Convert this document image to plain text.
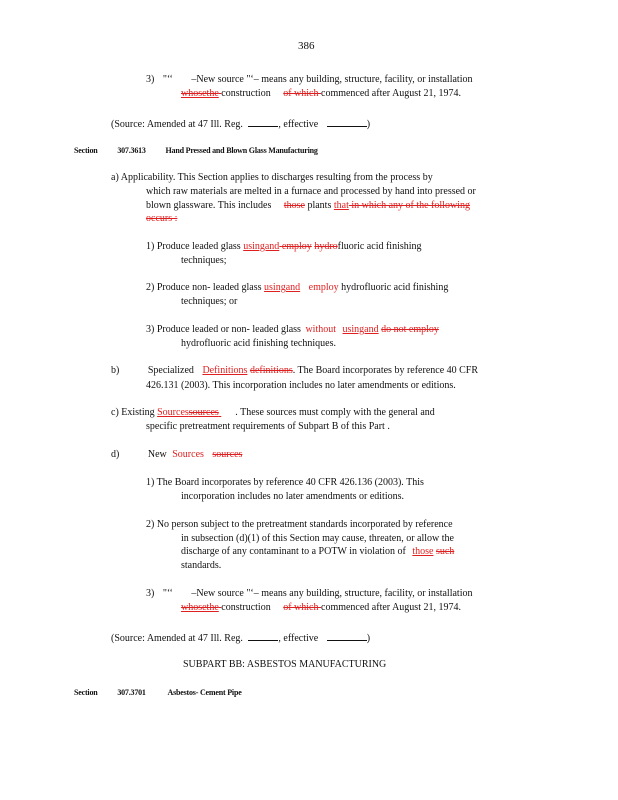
386
3) "‘‘ –New source "‘– means any building, structure, facility, or installation
whosethe construction of which commenced after August 21, 1974.
(Source: Amended at 47 Ill. Reg.	, effective	)
Section 307.3613 Hand Pressed and Blown Glass Manufacturing
a) Applicability. This Section applies to discharges resulting from the process by
which raw materials are melted in a furnace and processed by hand into pressed or
blown glassware. This includes those plants that in which any of the following
occurs :
1) Produce leaded glass usingand employ hydrofluoric acid finishing
techniques;
2) Produce non- leaded glass usingand employ hydrofluoric acid finishing
techniques; or
3) Produce leaded or non- leaded glass without usingand do not employ
hydrofluoric acid finishing techniques.
b)	Specialized Definitions definitions. The Board incorporates by reference 40 CFR
426.131 (2003). This incorporation includes no later amendments or editions.
c) Existing Sourcessources . These sources must comply with the general and
specific pretreatment requirements of Subpart B of this Part .
d)	New Sources sources
1) The Board incorporates by reference 40 CFR 426.136 (2003). This
incorporation includes no later amendments or editions.
2) No person subject to the pretreatment standards incorporated by reference
in subsection (d)(1) of this Section may cause, threaten, or allow the
discharge of any contaminant to a POTW in violation of those such
standards.
3) "‘‘ –New source "‘– means any building, structure, facility, or installation
whosethe construction of which commenced after August 21, 1974.
(Source: Amended at 47 Ill. Reg.	, effective	)
SUBPART BB: ASBESTOS MANUFACTURING
Section 307.3701	Asbestos- Cement Pipe
